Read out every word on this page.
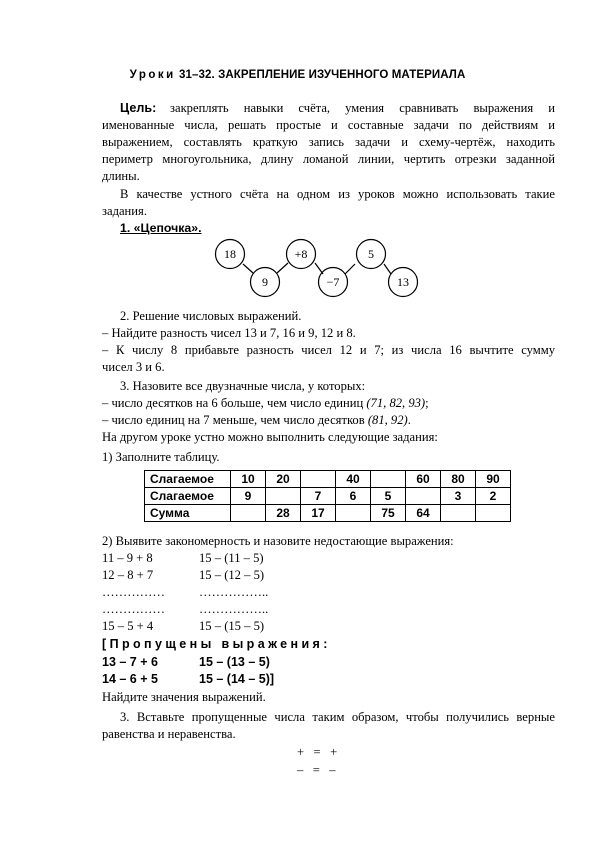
Уроки 31–32. ЗАКРЕПЛЕНИЕ ИЗУЧЕННОГО МАТЕРИАЛА
Цель: закреплять навыки счёта, умения сравнивать выражения и
именованные числа, решать простые и составные задачи по действиям и
выражением, составлять краткую запись задачи и схему-чертёж, находить
периметр многоугольника, длину ломаной линии, чертить отрезки заданной
длины.
В качестве устного счёта на одном из уроков можно использовать такие
задания.
1. «Цепочка».
18
9
+8
−7
5
13
2. Решение числовых выражений.
– Найдите разность чисел 13 и 7, 16 и 9, 12 и 8.
– К числу 8 прибавьте разность чисел 12 и 7; из числа 16 вычтите сумму
чисел 3 и 6.
3. Назовите все двузначные числа, у которых:
– число десятков на 6 больше, чем число единиц (71, 82, 93);
– число единиц на 7 меньше, чем число десятков (81, 92).
На другом уроке устно можно выполнить следующие задания:
1) Заполните таблицу.
Слагаемое	10	20		40		60	80	90
Слагаемое	9		7	6	5		3	2
Сумма		28	17		75	64		
2) Выявите закономерность и назовите недостающие выражения:
11 – 9 + 8	15 – (11 – 5)
12 – 8 + 7	15 – (12 – 5)
……………	……………..
……………	……………..
15 – 5 + 4	15 – (15 – 5)
[Пропущены выражения:
13 – 7 + 6	15 – (13 – 5)
14 – 6 + 5	15 – (14 – 5)]
Найдите значения выражений.
3. Вставьте пропущенные числа таким образом, чтобы получились верные
равенства и неравенства.
+   =   +
–   =   –
